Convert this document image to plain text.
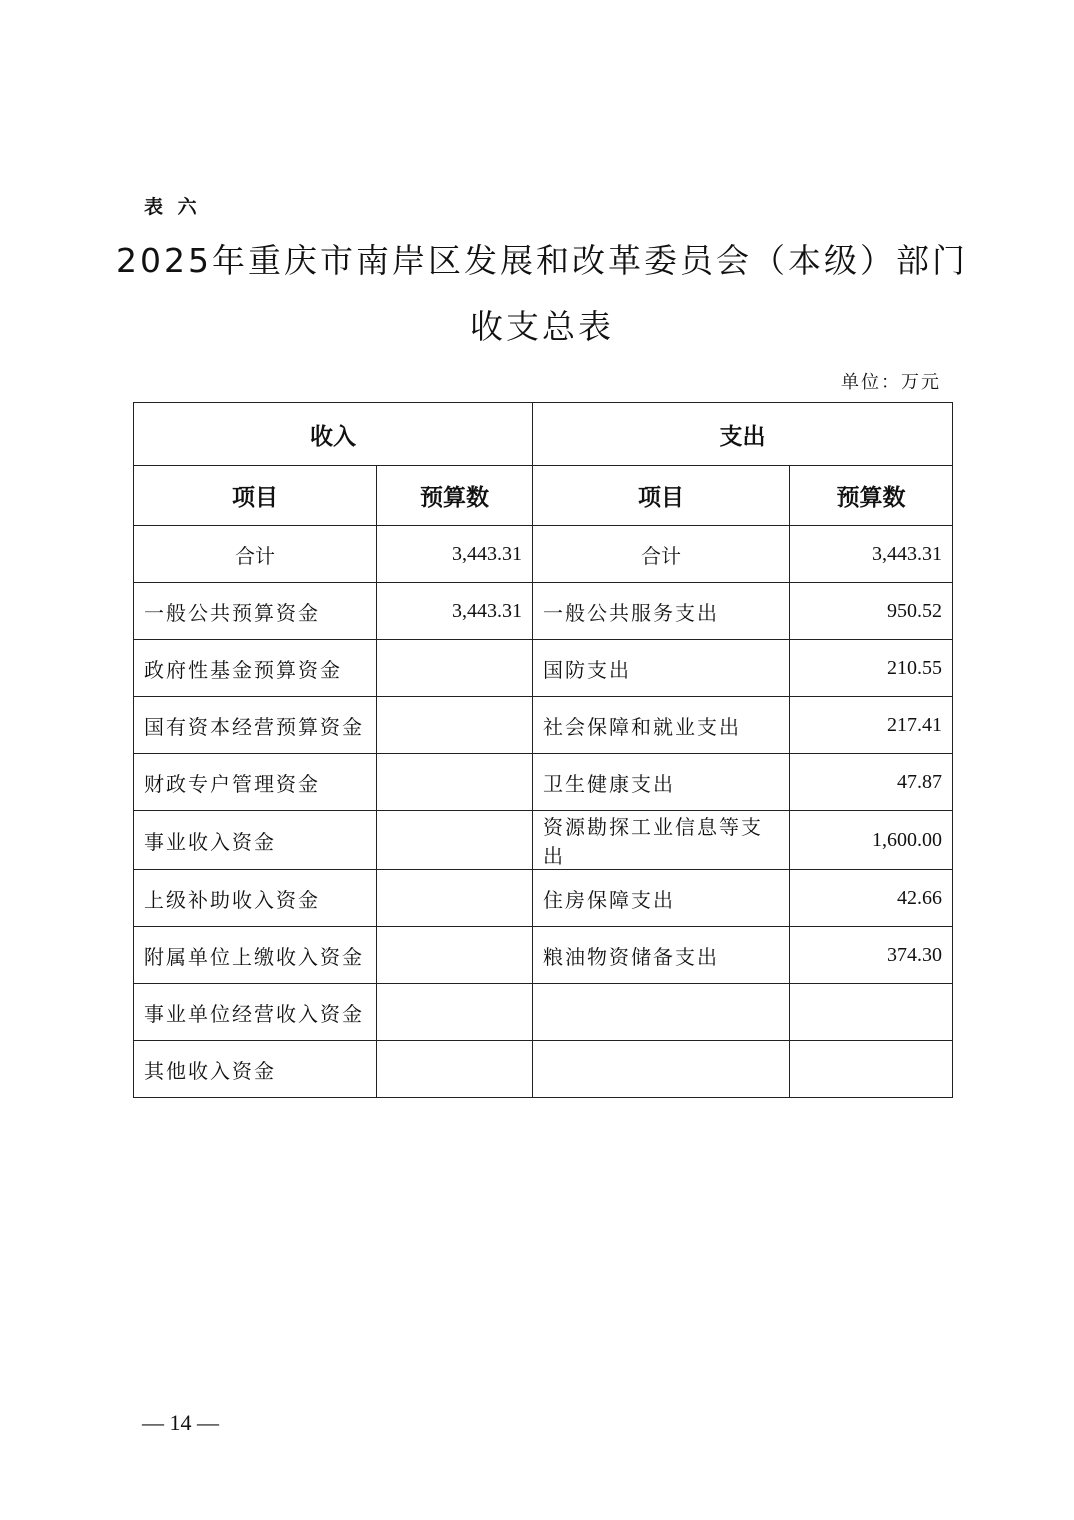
表 六
2025年重庆市南岸区发展和改革委员会（本级）部门收支总表
单位：万元
收入		支出	
项目	预算数	项目	预算数
合计	3,443.31	合计	3,443.31
一般公共预算资金	3,443.31	一般公共服务支出	950.52
政府性基金预算资金		国防支出	210.55
国有资本经营预算资金		社会保障和就业支出	217.41
财政专户管理资金		卫生健康支出	47.87
事业收入资金		资源勘探工业信息等支出	1,600.00
上级补助收入资金		住房保障支出	42.66
附属单位上缴收入资金		粮油物资储备支出	374.30
事业单位经营收入资金			
其他收入资金			
— 14 —
